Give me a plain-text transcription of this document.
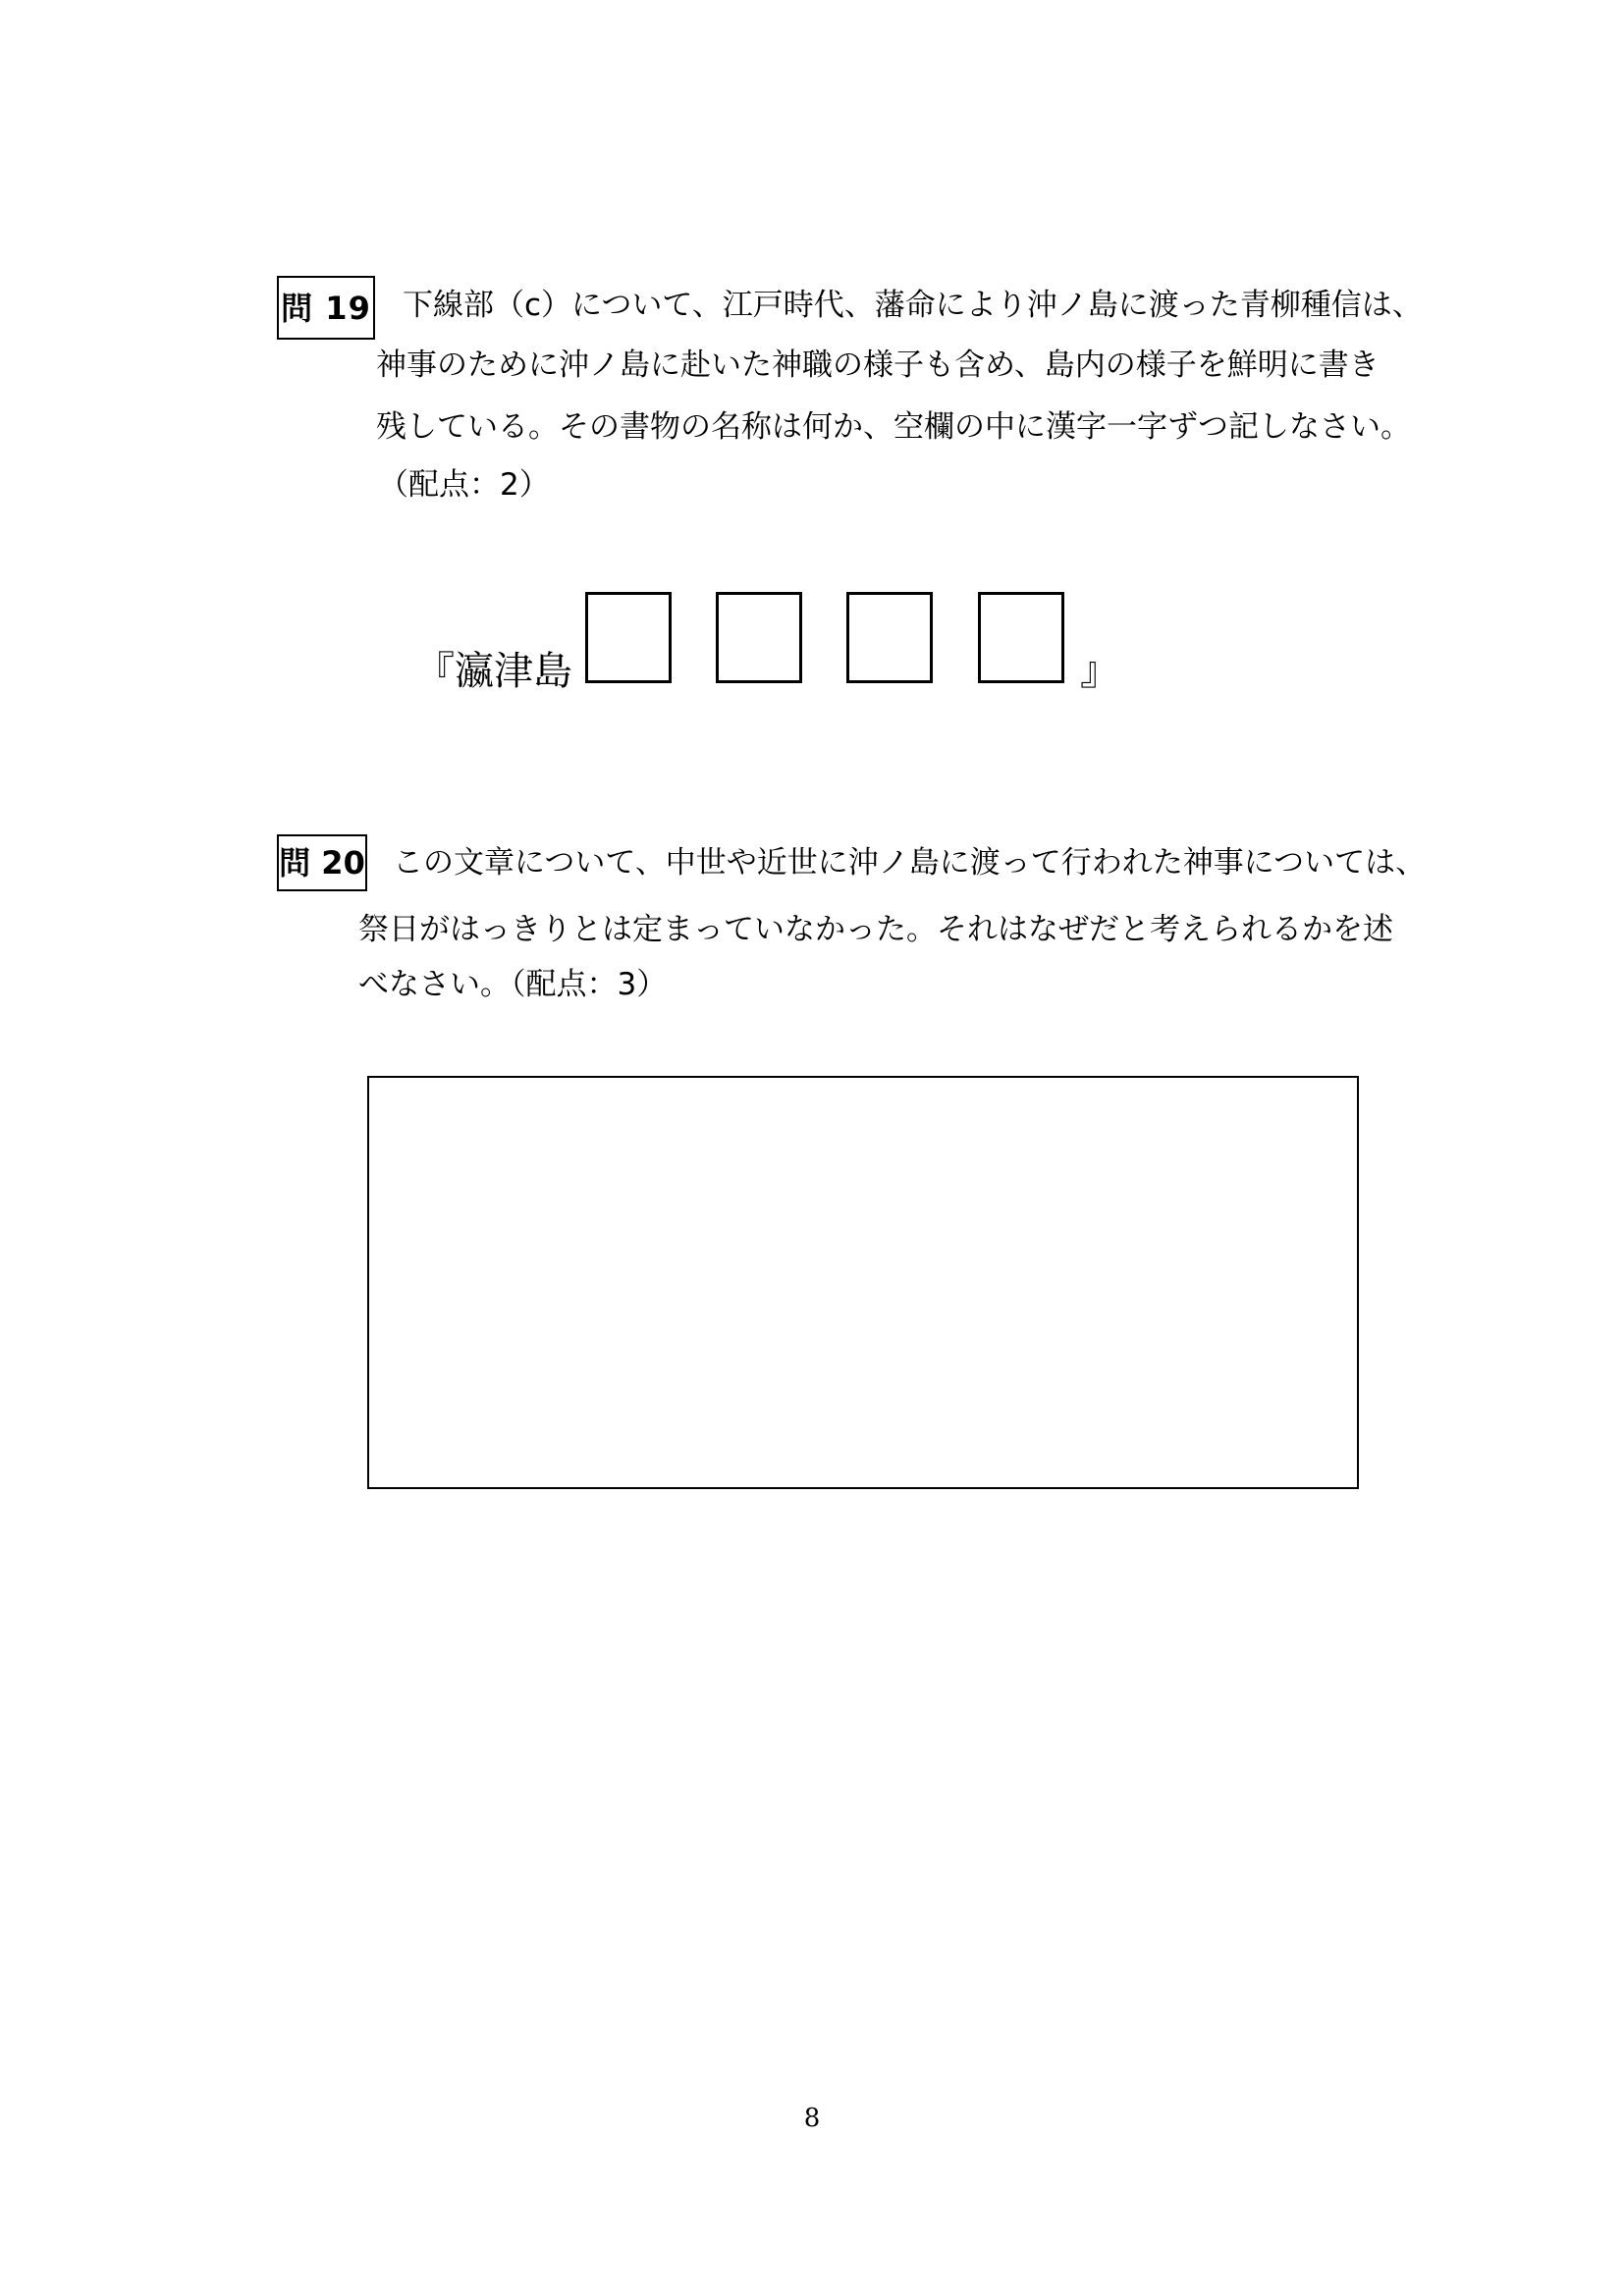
問 19 下線部（c）について、江戸時代、藩命により沖ノ島に渡った青柳種信は、
神事のために沖ノ島に赴いた神職の様子も含め、島内の様子を鮮明に書き
残している。その書物の名称は何か、空欄の中に漢字一字ずつ記しなさい。
（配点：2）
『瀛津島	』
問 20 この文章について、中世や近世に沖ノ島に渡って行われた神事については、
祭日がはっきりとは定まっていなかった。それはなぜだと考えられるかを述
べなさい。（配点：3）
8
